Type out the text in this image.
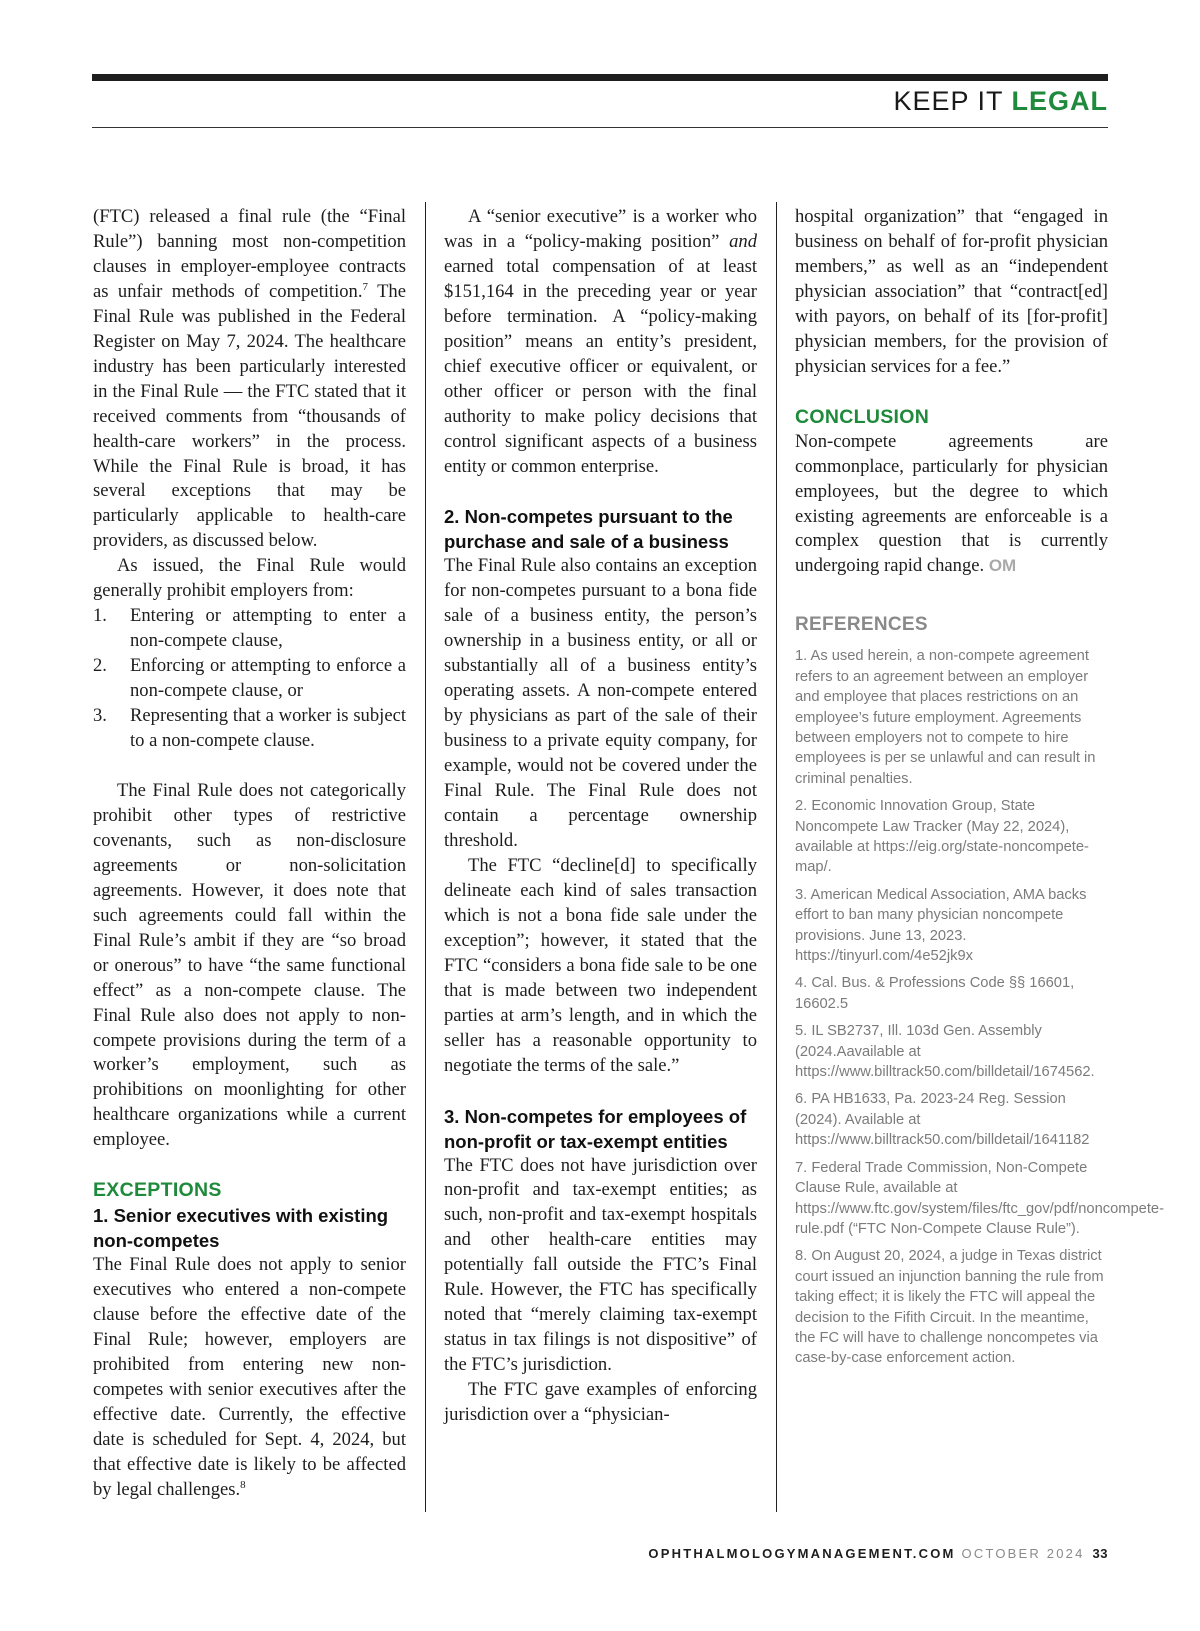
KEEP IT LEGAL

(FTC) released a final rule (the “Final Rule”) banning most non-competition clauses in employer-employee contracts as unfair methods of competition.$^7$ The Final Rule was published in the Federal Register on May 7, 2024. The healthcare industry has been particularly interested in the Final Rule — the FTC stated that it received comments from “thousands of health-care workers” in the process. While the Final Rule is broad, it has several exceptions that may be particularly applicable to health-care providers, as discussed below.

As issued, the Final Rule would generally prohibit employers from:

1. Entering or attempting to enter a non-compete clause,
2. Enforcing or attempting to enforce a non-compete clause, or
3. Representing that a worker is subject to a non-compete clause.

The Final Rule does not categorically prohibit other types of restrictive covenants, such as non-disclosure agreements or non-solicitation agreements. However, it does note that such agreements could fall within the Final Rule’s ambit if they are “so broad or onerous” to have “the same functional effect” as a non-compete clause. The Final Rule also does not apply to non-compete provisions during the term of a worker’s employment, such as prohibitions on moonlighting for other healthcare organizations while a current employee.

EXCEPTIONS
1. Senior executives with existing non-competes

The Final Rule does not apply to senior executives who entered a non-compete clause before the effective date of the Final Rule; however, employers are prohibited from entering new non-competes with senior executives after the effective date. Currently, the effective date is scheduled for Sept. 4, 2024, but that effective date is likely to be affected by legal challenges.$^8$

A “senior executive” is a worker who was in a “policy-making position” and earned total compensation of at least $151,164 in the preceding year or year before termination. A “policy-making position” means an entity’s president, chief executive officer or equivalent, or other officer or person with the final authority to make policy decisions that control significant aspects of a business entity or common enterprise.

2. Non-competes pursuant to the purchase and sale of a business

The Final Rule also contains an exception for non-competes pursuant to a bona fide sale of a business entity, the person’s ownership in a business entity, or all or substantially all of a business entity’s operating assets. A non-compete entered by physicians as part of the sale of their business to a private equity company, for example, would not be covered under the Final Rule. The Final Rule does not contain a percentage ownership threshold.

The FTC “decline[d] to specifically delineate each kind of sales transaction which is not a bona fide sale under the exception”; however, it stated that the FTC “considers a bona fide sale to be one that is made between two independent parties at arm’s length, and in which the seller has a reasonable opportunity to negotiate the terms of the sale.”

3. Non-competes for employees of non-profit or tax-exempt entities

The FTC does not have jurisdiction over non-profit and tax-exempt entities; as such, non-profit and tax-exempt hospitals and other health-care entities may potentially fall outside the FTC’s Final Rule. However, the FTC has specifically noted that “merely claiming tax-exempt status in tax filings is not dispositive” of the FTC’s jurisdiction.

The FTC gave examples of enforcing jurisdiction over a “physician-

hospital organization” that “engaged in business on behalf of for-profit physician members,” as well as an “independent physician association” that “contract[ed] with payors, on behalf of its [for-profit] physician members, for the provision of physician services for a fee.”

CONCLUSION

Non-compete agreements are commonplace, particularly for physician employees, but the degree to which existing agreements are enforceable is a complex question that is currently undergoing rapid change. OM

REFERENCES
1. As used herein, a non-compete agreement refers to an agreement between an employer and employee that places restrictions on an employee’s future employment. Agreements between employers not to compete to hire employees is per se unlawful and can result in criminal penalties.
2. Economic Innovation Group, State Noncompete Law Tracker (May 22, 2024), available at https://eig.org/state-noncompete-map/.
3. American Medical Association, AMA backs effort to ban many physician noncompete provisions. June 13, 2023. https://tinyurl.com/4e52jk9x
4. Cal. Bus. & Professions Code §§ 16601, 16602.5
5. IL SB2737, Ill. 103d Gen. Assembly (2024.Aavailable at https://www.billtrack50.com/billdetail/1674562.
6. PA HB1633, Pa. 2023-24 Reg. Session (2024). Available at https://www.billtrack50.com/billdetail/1641182
7. Federal Trade Commission, Non-Compete Clause Rule, available at https://www.ftc.gov/system/files/ftc_gov/pdf/noncompete-rule.pdf (“FTC Non-Compete Clause Rule”).
8. On August 20, 2024, a judge in Texas district court issued an injunction banning the rule from taking effect; it is likely the FTC will appeal the decision to the Fifith Circuit. In the meantime, the FC will have to challenge noncompetes via case-by-case enforcement action.
OPHTHALMOLOGYMANAGEMENT.COM OCTOBER 2024 33
